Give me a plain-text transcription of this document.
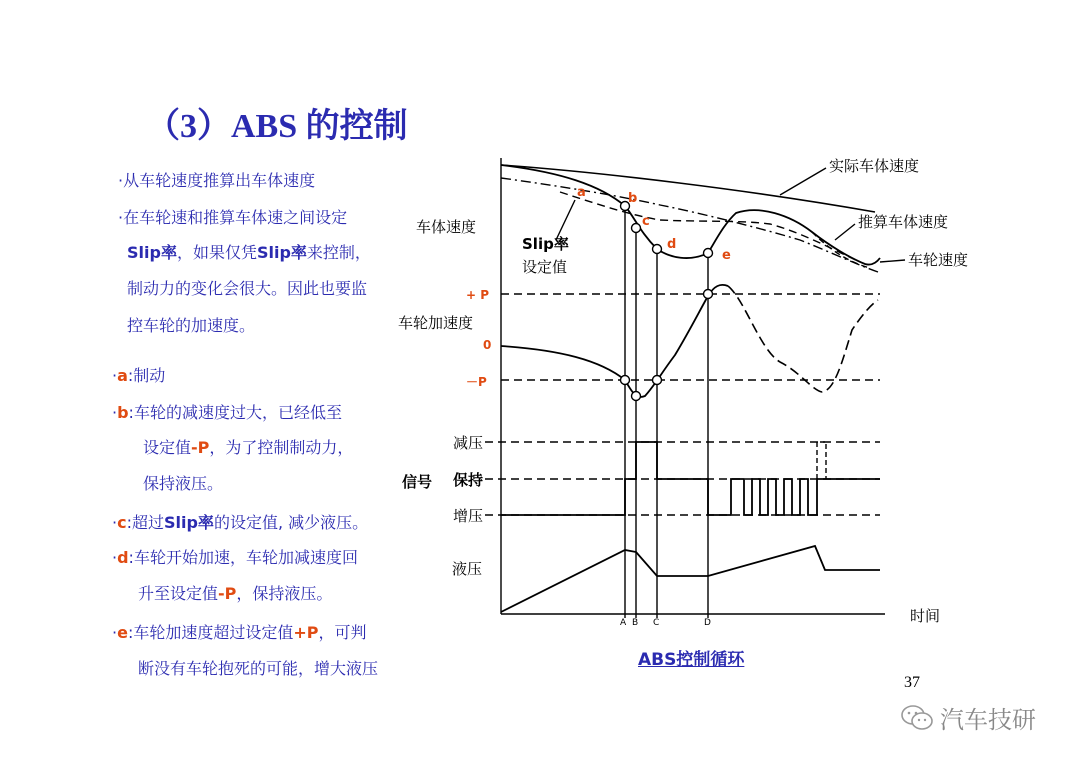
（3）ABS 的控制
·从车轮速度推算出车体速度
·在车轮速和推算车体速之间设定
Slip率，如果仅凭Slip率来控制，
制动力的变化会很大。因此也要监
控车轮的加速度。
·a:制动
·b:车轮的减速度过大，已经低至
设定值-P，为了控制制动力，
保持液压。
·c:超过Slip率的设定值, 减少液压。
·d:车轮开始加速，车轮加减速度回
升至设定值-P，保持液压。
·e:车轮加速度超过设定值+P，可判
断没有车轮抱死的可能，增大液压
a	b
c
d
e
车体速度
车轮加速度
减压
保持
增压
液压
实际车体速度
推算车体速度
车轮速度
时间
Slip率
设定值
信号
+ P
0
－P
A B C	D
ABS控制循环
37
汽车技研
